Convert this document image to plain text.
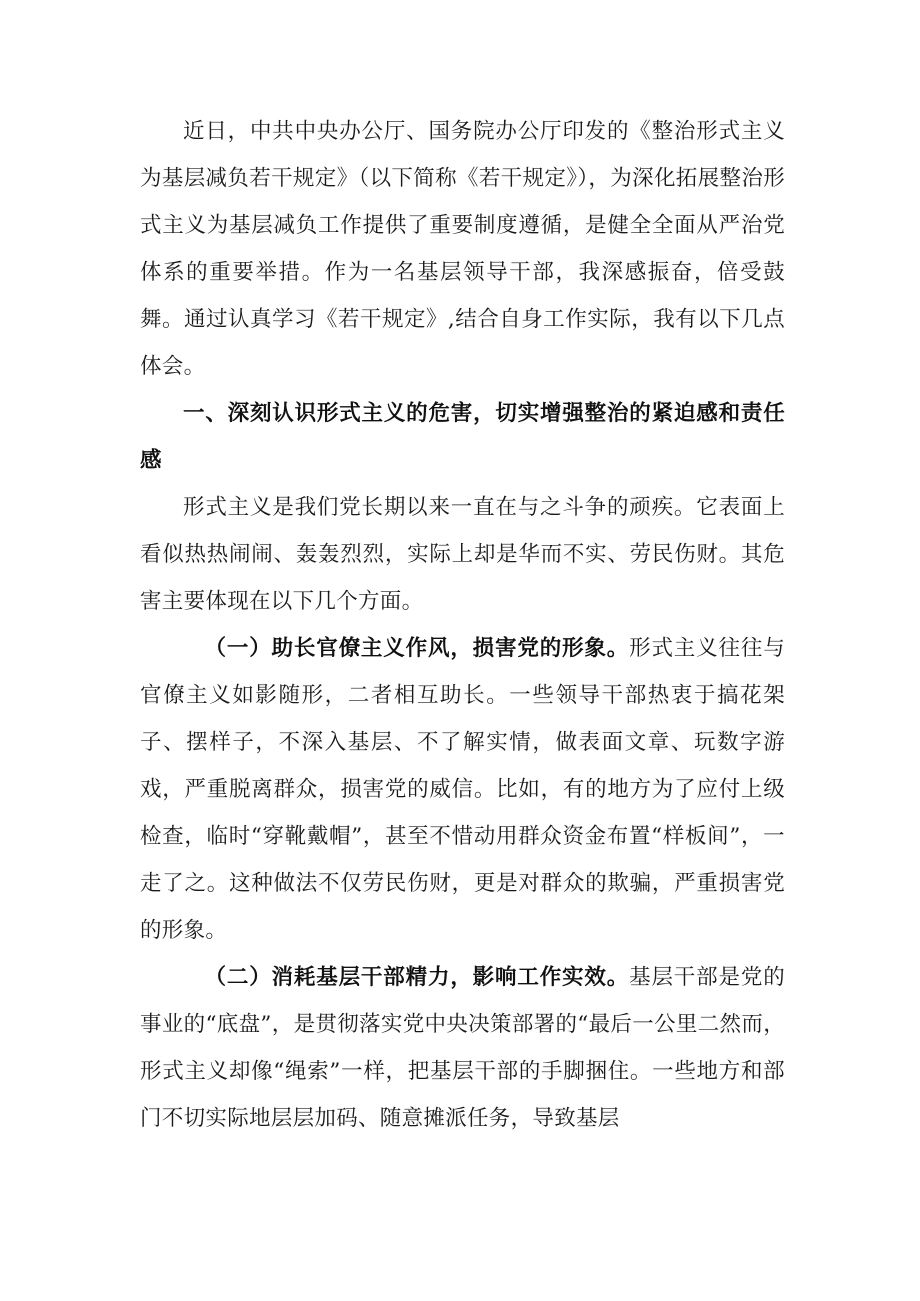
近日，中共中央办公厅、国务院办公厅印发的《整治形式主义为基层减负若干规定》（以下简称《若干规定》），为深化拓展整治形式主义为基层减负工作提供了重要制度遵循，是健全全面从严治党体系的重要举措。作为一名基层领导干部，我深感振奋，倍受鼓舞。通过认真学习《若干规定》,结合自身工作实际，我有以下几点体会。

一、深刻认识形式主义的危害，切实增强整治的紧迫感和责任感

形式主义是我们党长期以来一直在与之斗争的顽疾。它表面上看似热热闹闹、轰轰烈烈，实际上却是华而不实、劳民伤财。其危害主要体现在以下几个方面。

（一）助长官僚主义作风，损害党的形象。形式主义往往与官僚主义如影随形，二者相互助长。一些领导干部热衷于搞花架子、摆样子，不深入基层、不了解实情，做表面文章、玩数字游戏，严重脱离群众，损害党的威信。比如，有的地方为了应付上级检查，临时“穿靴戴帽”，甚至不惜动用群众资金布置“样板间”，一走了之。这种做法不仅劳民伤财，更是对群众的欺骗，严重损害党的形象。

（二）消耗基层干部精力，影响工作实效。基层干部是党的事业的“底盘”，是贯彻落实党中央决策部署的“最后一公里二然而，形式主义却像“绳索”一样，把基层干部的手脚捆住。一些地方和部门不切实际地层层加码、随意摊派任务，导致基层
